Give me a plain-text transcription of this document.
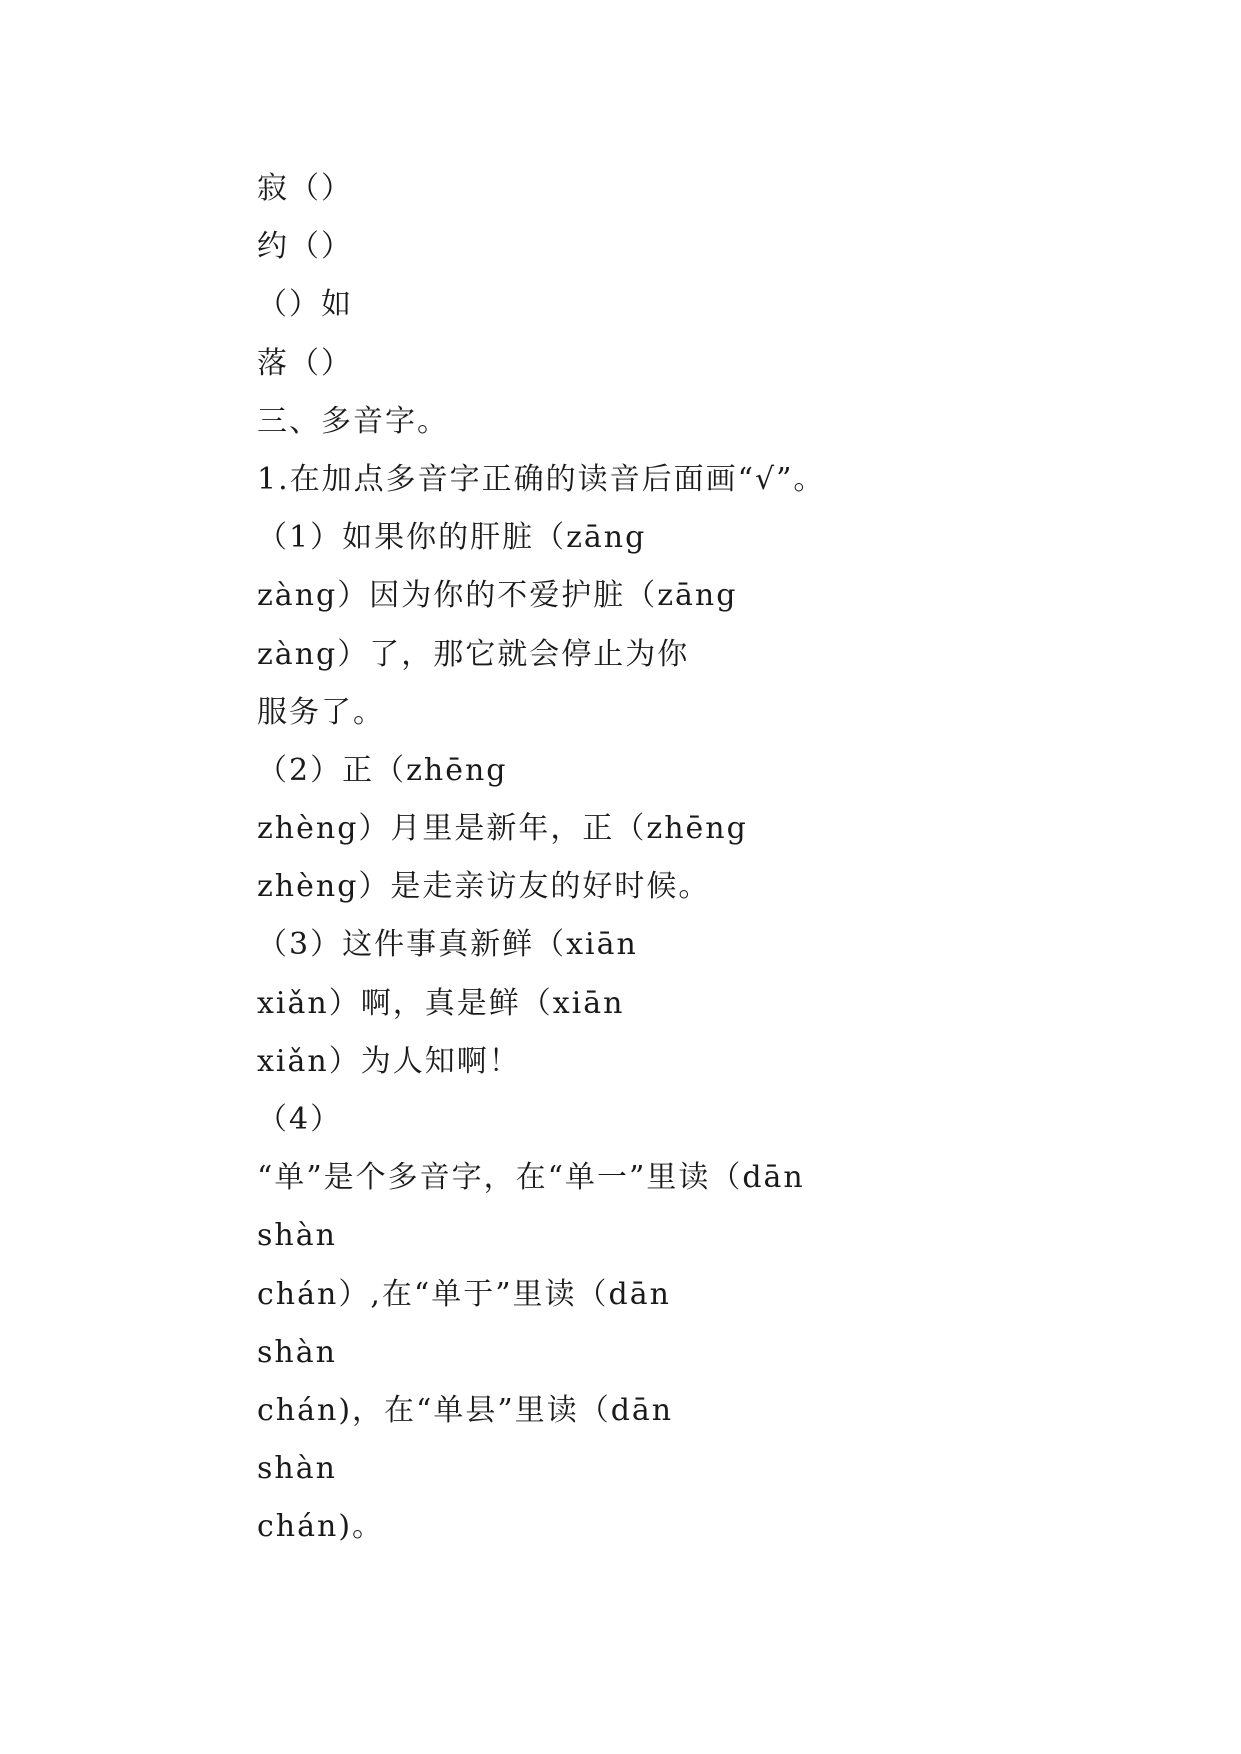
寂（）
约（）
（）如
落（）
三、多音字。
1.在加点多音字正确的读音后面画“√”。
（1）如果你的肝脏（zāng
zàng）因为你的不爱护脏（zāng
zàng）了，那它就会停止为你
服务了。
（2）正（zhēng
zhèng）月里是新年，正（zhēng
zhèng）是走亲访友的好时候。
（3）这件事真新鲜（xiān
xiǎn）啊，真是鲜（xiān
xiǎn）为人知啊！
（4）
“单”是个多音字，在“单一”里读（dān
shàn
chán）,在“单于”里读（dān
shàn
chán)，在“单县”里读（dān
shàn
chán)。
